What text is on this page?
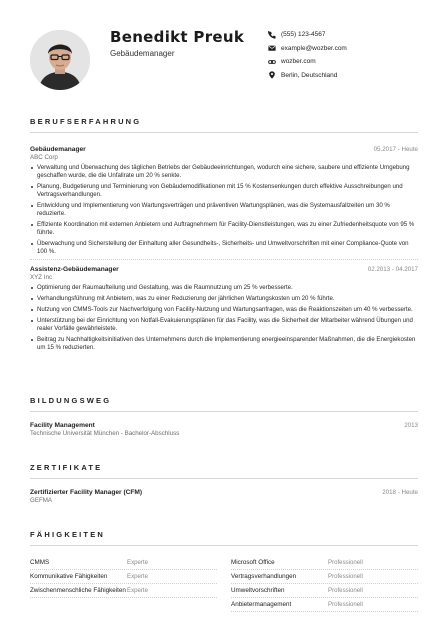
Benedikt Preuk
Gebäudemanager
(555) 123-4567
example@wozber.com
wozber.com
Berlin, Deutschland
BERUFSERFAHRUNG
Gebäudemanager	05.2017 - Heute
ABC Corp
Verwaltung und Überwachung des täglichen Betriebs der Gebäudeeinrichtungen, wodurch eine sichere, saubere und effiziente Umgebung geschaffen wurde, die die Unfallrate um 20 % senkte.
Planung, Budgetierung und Terminierung von Gebäudemodifikationen mit 15 % Kostensenkungen durch effektive Ausschreibungen und Vertragsverhandlungen.
Entwicklung und Implementierung von Wartungsverträgen und präventiven Wartungsplänen, was die Systemausfallzeiten um 30 % reduzierte.
Effiziente Koordination mit externen Anbietern und Auftragnehmern für Facility-Dienstleistungen, was zu einer Zufriedenheitsquote von 95 % führte.
Überwachung und Sicherstellung der Einhaltung aller Gesundheits-, Sicherheits- und Umweltvorschriften mit einer Compliance-Quote von 100 %.
Assistenz-Gebäudemanager	02.2013 - 04.2017
XYZ Inc
Optimierung der Raumaufteilung und Gestaltung, was die Raumnutzung um 25 % verbesserte.
Verhandlungsführung mit Anbietern, was zu einer Reduzierung der jährlichen Wartungskosten um 20 % führte.
Nutzung von CMMS-Tools zur Nachverfolgung von Facility-Nutzung und Wartungsanfragen, was die Reaktionszeiten um 40 % verbesserte.
Unterstützung bei der Einrichtung von Notfall-Evakuierungsplänen für das Facility, was die Sicherheit der Mitarbeiter während Übungen und realer Vorfälle gewährleistete.
Beitrag zu Nachhaltigkeitsinitiativen des Unternehmens durch die Implementierung energieeinsparender Maßnahmen, die die Energiekosten um 15 % reduzierten.
BILDUNGSWEG
Facility Management	2013
Technische Universität München - Bachelor-Abschluss
ZERTIFIKATE
Zertifizierter Facility Manager (CFM)	2018 - Heute
GEFMA
FÄHIGKEITEN
CMMS	Experte
Kommunikative Fähigkeiten	Experte
Zwischenmenschliche Fähigkeiten Experte
Microsoft Office	Professionell
Vertragsverhandlungen	Professionell
Umweltvorschriften	Professionell
Anbietermanagement	Professionell
